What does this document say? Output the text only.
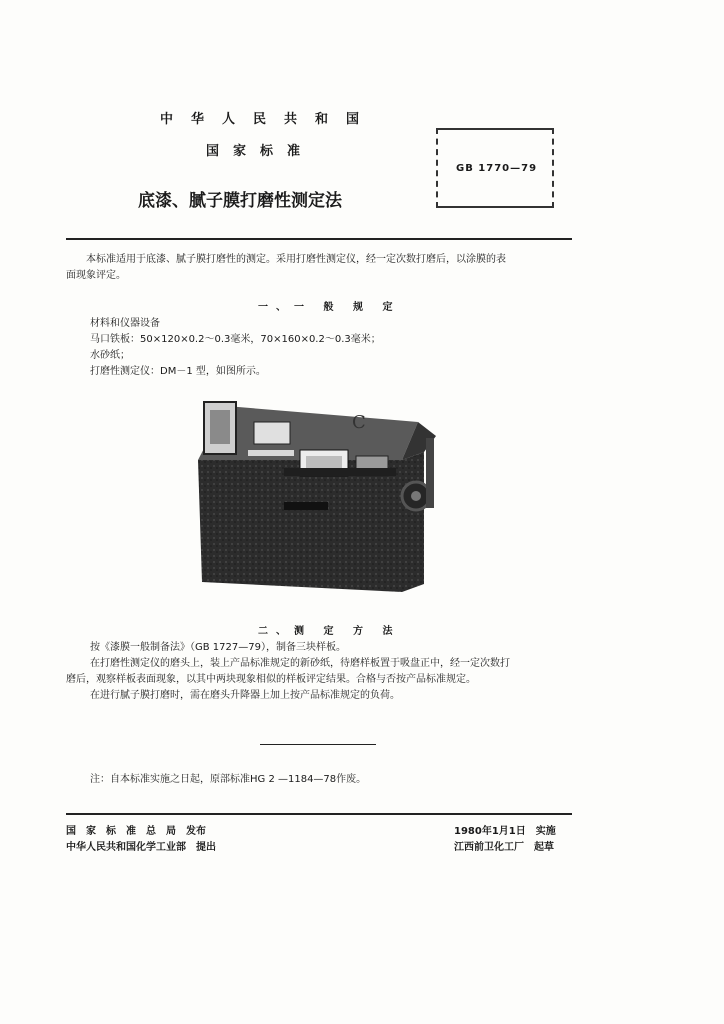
中华人民共和国
国家标准
底漆、腻子膜打磨性测定法
GB 1770—79

本标准适用于底漆、腻子膜打磨性的测定。采用打磨性测定仪，经一定次数打磨后，以涂膜的表

面现象评定。

一、一 般 规 定

材料和仪器设备

马口铁板：50×120×0.2～0.3毫米，70×160×0.2～0.3毫米；

水砂纸；

打磨性测定仪：DM－1 型，如图所示。

C
二、测 定 方 法

按《漆膜一般制备法》（GB 1727—79），制备三块样板。

在打磨性测定仪的磨头上，装上产品标准规定的新砂纸，待磨样板置于吸盘正中，经一定次数打

磨后，观察样板表面现象，以其中两块现象相似的样板评定结果。合格与否按产品标准规定。

在进行腻子膜打磨时，需在磨头升降器上加上按产品标准规定的负荷。

注：自本标准实施之日起，原部标准HG 2 —1184—78作废。
国　家　标　准　总　局　发布
中华人民共和国化学工业部　提出
1980年1月1日　实施
江西前卫化工厂　起草
